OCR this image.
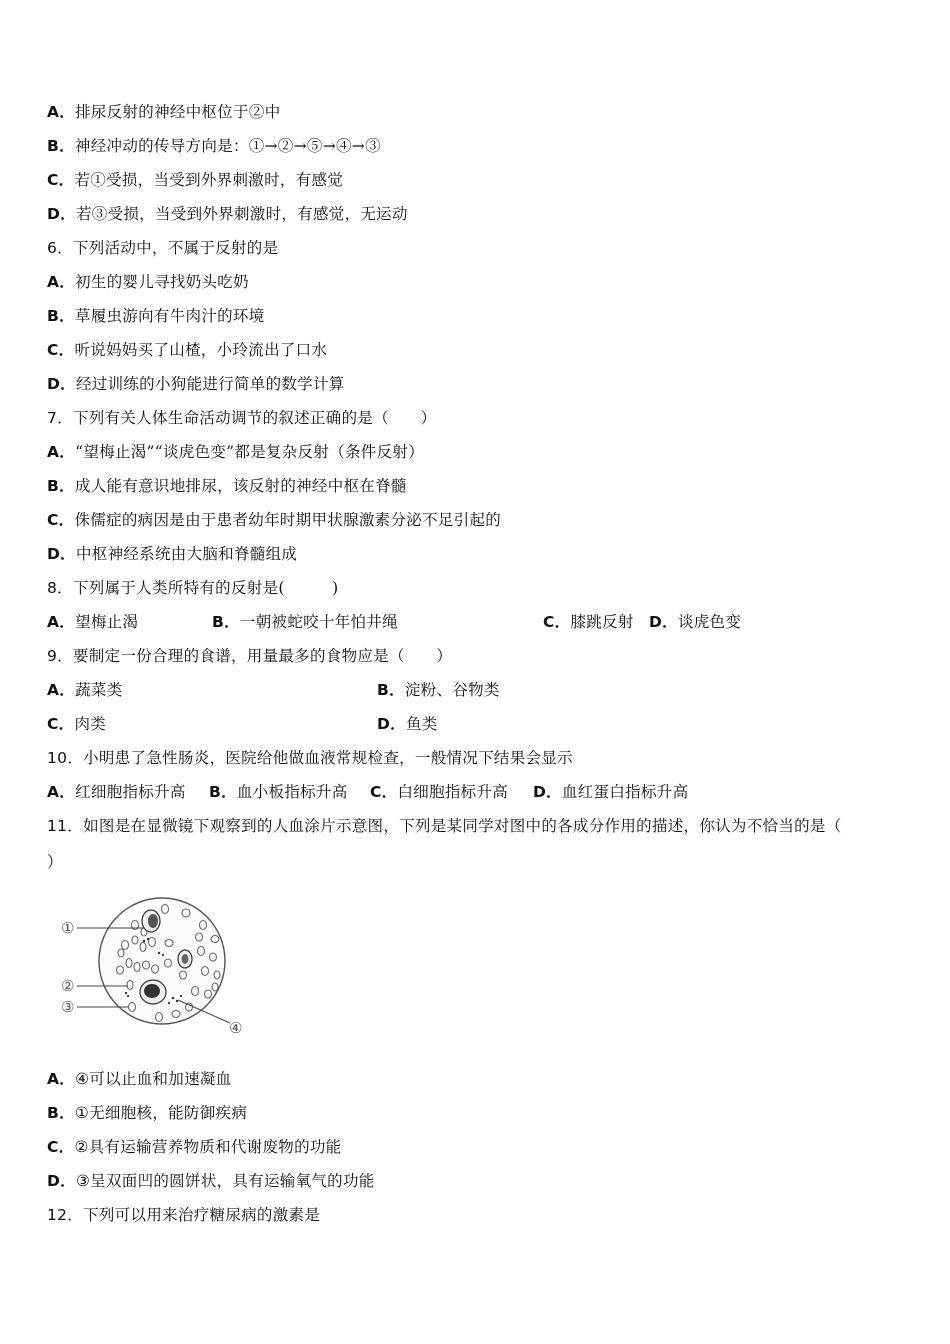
A．排尿反射的神经中枢位于②中
B．神经冲动的传导方向是：①→②→⑤→④→③
C．若①受损，当受到外界刺激时，有感觉
D．若③受损，当受到外界刺激时，有感觉，无运动
6．下列活动中，不属于反射的是
A．初生的婴儿寻找奶头吃奶
B．草履虫游向有牛肉汁的环境
C．听说妈妈买了山楂，小玲流出了口水
D．经过训练的小狗能进行简单的数学计算
7．下列有关人体生命活动调节的叙述正确的是（　　）
A．“望梅止渴”“谈虎色变”都是复杂反射（条件反射）
B．成人能有意识地排尿，该反射的神经中枢在脊髓
C．侏儒症的病因是由于患者幼年时期甲状腺激素分泌不足引起的
D．中枢神经系统由大脑和脊髓组成
8．下列属于人类所特有的反射是(　　　)
A．望梅止渴	B．一朝被蛇咬十年怕井绳	C．膝跳反射 D．谈虎色变
9．要制定一份合理的食谱，用量最多的食物应是（　　）
A．蔬菜类	B．淀粉、谷物类
C．肉类	D．鱼类
10．小明患了急性肠炎，医院给他做血液常规检查，一般情况下结果会显示
A．红细胞指标升高 B．血小板指标升高 C．白细胞指标升高 D．血红蛋白指标升高
11．如图是在显微镜下观察到的人血涂片示意图，下列是某同学对图中的各成分作用的描述，你认为不恰当的是（
）
①
②
③
④
A．④可以止血和加速凝血
B．①无细胞核，能防御疾病
C．②具有运输营养物质和代谢废物的功能
D．③呈双面凹的圆饼状，具有运输氧气的功能
12．下列可以用来治疗糖尿病的激素是
